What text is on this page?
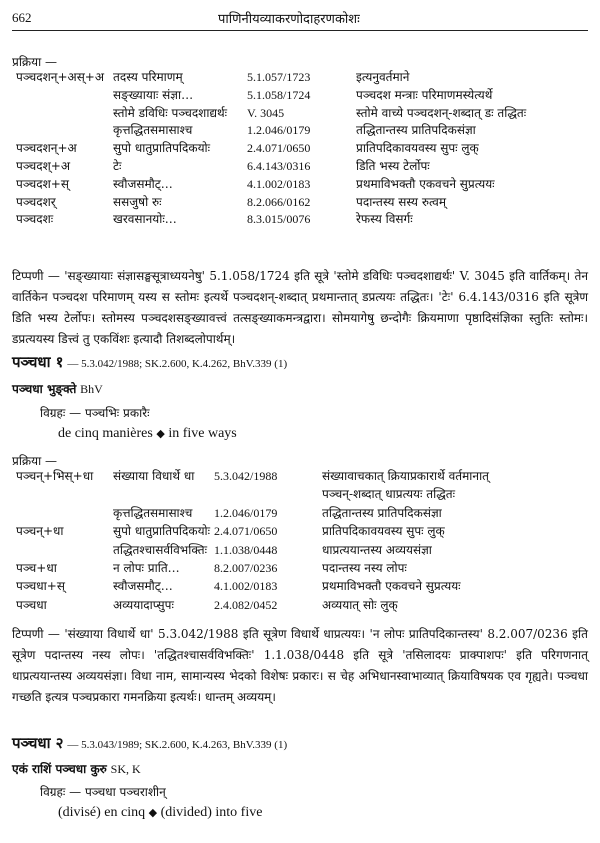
662	पाणिनीयव्याकरणोदाहरणकोशः
प्रक्रिया —
पञ्चदशन्+अस्+अ तदस्य परिमाणम्	5.1.057/1723	इत्यनुवर्तमाने
सङ्ख्यायाः संज्ञा…	5.1.058/1724	पञ्चदश मन्त्राः परिमाणमस्येत्यर्थे
स्तोमे डविधिः पञ्चदशाद्यर्थः V. 3045	स्तोमे वाच्ये पञ्चदशन्-शब्दात् डः तद्धितः
कृत्तद्धितसमासाश्च	1.2.046/0179	तद्धितान्तस्य प्रातिपदिकसंज्ञा
पञ्चदशन्+अ	सुपो धातुप्रातिपदिकयोः	2.4.071/0650	प्रातिपदिकावयवस्य सुपः लुक्
पञ्चदश्+अ	टेः	6.4.143/0316	डिति भस्य टेर्लोपः
पञ्चदश+स्	स्वौजसमौट्…	4.1.002/0183	प्रथमाविभक्तौ एकवचने सुप्रत्ययः
पञ्चदशर्	ससजुषो रुः	8.2.066/0162	पदान्तस्य सस्य रुत्वम्
पञ्चदशः	खरवसानयोः…	8.3.015/0076	रेफस्य विसर्गः
टिप्पणी — 'सङ्ख्यायाः संज्ञासङ्घसूत्राध्ययनेषु' 5.1.058/1724 इति सूत्रे 'स्तोमे डविधिः पञ्चदशाद्यर्थः' V. 3045 इति वार्तिकम्। तेन वार्तिकेन पञ्चदश परिमाणम् यस्य स स्तोमः इत्यर्थे पञ्चदशन्-शब्दात् प्रथमान्तात् डप्रत्ययः तद्धितः। 'टेः' 6.4.143/0316 इति सूत्रेण डिति भस्य टेर्लोपः। स्तोमस्य पञ्चदशसङ्ख्यावत्त्वं तत्सङ्ख्याकमन्त्रद्वारा। सोमयागेषु छन्दोगैः क्रियमाणा पृष्ठादिसंज्ञिका स्तुतिः स्तोमः। डप्रत्ययस्य डित्त्वं तु एकविंशः इत्यादौ तिशब्दलोपार्थम्।
पञ्चधा १ — 5.3.042/1988; SK.2.600, K.4.262, BhV.339 (1)
पञ्चधा भुङ्क्ते BhV
विग्रहः — पञ्चभिः प्रकारैः
de cinq manières ◆ in five ways
प्रक्रिया —
पञ्चन्+भिस्+धा संख्याया विधार्थे धा 5.3.042/1988	संख्यावाचकात् क्रियाप्रकारार्थे वर्तमानात्
पञ्चन्-शब्दात् धाप्रत्ययः तद्धितः
कृत्तद्धितसमासाश्च 1.2.046/0179	तद्धितान्तस्य प्रातिपदिकसंज्ञा
पञ्चन्+धा	सुपो धातुप्रातिपदिकयोः 2.4.071/0650	प्रातिपदिकावयवस्य सुपः लुक्
तद्धितश्चासर्वविभक्तिः 1.1.038/0448	धाप्रत्ययान्तस्य अव्ययसंज्ञा
पञ्च+धा	न लोपः प्राति…	8.2.007/0236	पदान्तस्य नस्य लोपः
पञ्चधा+स्	स्वौजसमौट्…	4.1.002/0183	प्रथमाविभक्तौ एकवचने सुप्रत्ययः
पञ्चधा	अव्ययादाप्सुपः	2.4.082/0452	अव्ययात् सोः लुक्
टिप्पणी — 'संख्याया विधार्थे धा' 5.3.042/1988 इति सूत्रेण विधार्थे धाप्रत्ययः। 'न लोपः प्रातिपदिकान्तस्य' 8.2.007/0236 इति सूत्रेण पदान्तस्य नस्य लोपः। 'तद्धितश्चासर्वविभक्तिः' 1.1.038/0448 इति सूत्रे 'तसिलादयः प्राक्पाशपः' इति परिगणनात् धाप्रत्ययान्तस्य अव्ययसंज्ञा। विधा नाम, सामान्यस्य भेदको विशेषः प्रकारः। स चेह अभिधानस्वाभाव्यात् क्रियाविषयक एव गृह्यते। पञ्चधा गच्छति इत्यत्र पञ्चप्रकारा गमनक्रिया इत्यर्थः। धान्तम् अव्ययम्।
पञ्चधा २ — 5.3.043/1989; SK.2.600, K.4.263, BhV.339 (1)
एकं राशिं पञ्चधा कुरु SK, K
विग्रहः — पञ्चधा पञ्चराशीन्
(divisé) en cinq ◆ (divided) into five
